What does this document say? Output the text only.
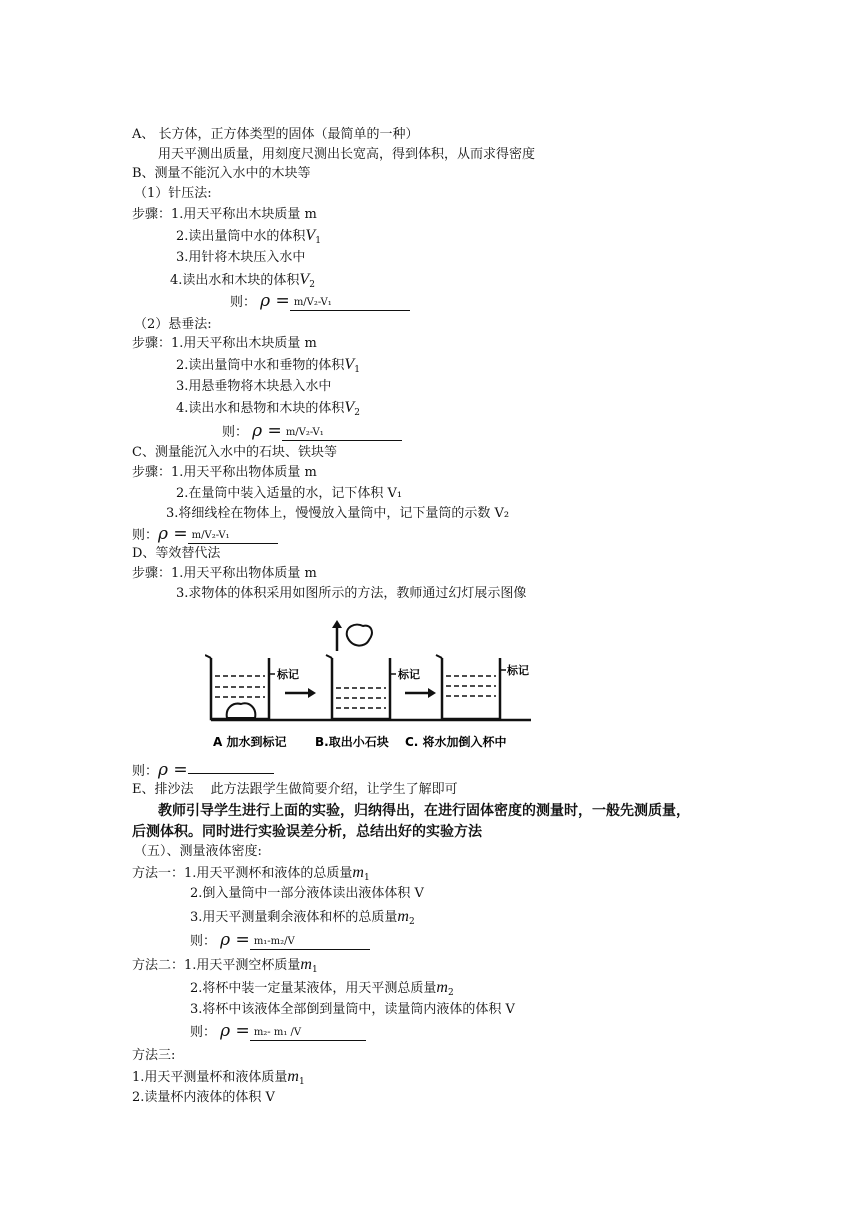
A、 长方体，正方体类型的固体（最简单的一种）
用天平测出质量，用刻度尺测出长宽高，得到体积，从而求得密度
B、测量不能沉入水中的木块等
（1）针压法:
步骤：1.用天平称出木块质量 m
2.读出量筒中水的体积$V_1$
3.用针将木块压入水中
4.读出水和木块的体积$V_2$
则： ρ = m/V₂-V₁
（2）悬垂法:
步骤：1.用天平称出木块质量 m
2.读出量筒中水和垂物的体积$V_1$
3.用悬垂物将木块悬入水中
4.读出水和悬物和木块的体积$V_2$
则： ρ = m/V₂-V₁
C、测量能沉入水中的石块、铁块等
步骤：1.用天平称出物体质量 m
2.在量筒中装入适量的水，记下体积 V₁
3.将细线栓在物体上，慢慢放入量筒中，记下量筒的示数 V₂
则：ρ = m/V₂-V₁
D、等效替代法
步骤：1.用天平称出物体质量 m
3.求物体的体积采用如图所示的方法，教师通过幻灯展示图像
标记	标记	标记
A 加水到标记 B.取出小石块 C. 将水加倒入杯中
则：ρ =
E、排沙法　 此方法跟学生做简要介绍，让学生了解即可
教师引导学生进行上面的实验，归纳得出，在进行固体密度的测量时，一般先测质量，
后测体积。同时进行实验误差分析，总结出好的实验方法
（五）、测量液体密度:
方法一：1.用天平测杯和液体的总质量$m_1$
2.倒入量筒中一部分液体读出液体体积 V
3.用天平测量剩余液体和杯的总质量$m_2$
则： ρ = m₁-m₂/V
方法二：1.用天平测空杯质量$m_1$
2.将杯中装一定量某液体，用天平测总质量$m_2$
3.将杯中该液体全部倒到量筒中，读量筒内液体的体积 V
则： ρ = m₂- m₁ /V
方法三:
1.用天平测量杯和液体质量$m_1$
2.读量杯内液体的体积 V
